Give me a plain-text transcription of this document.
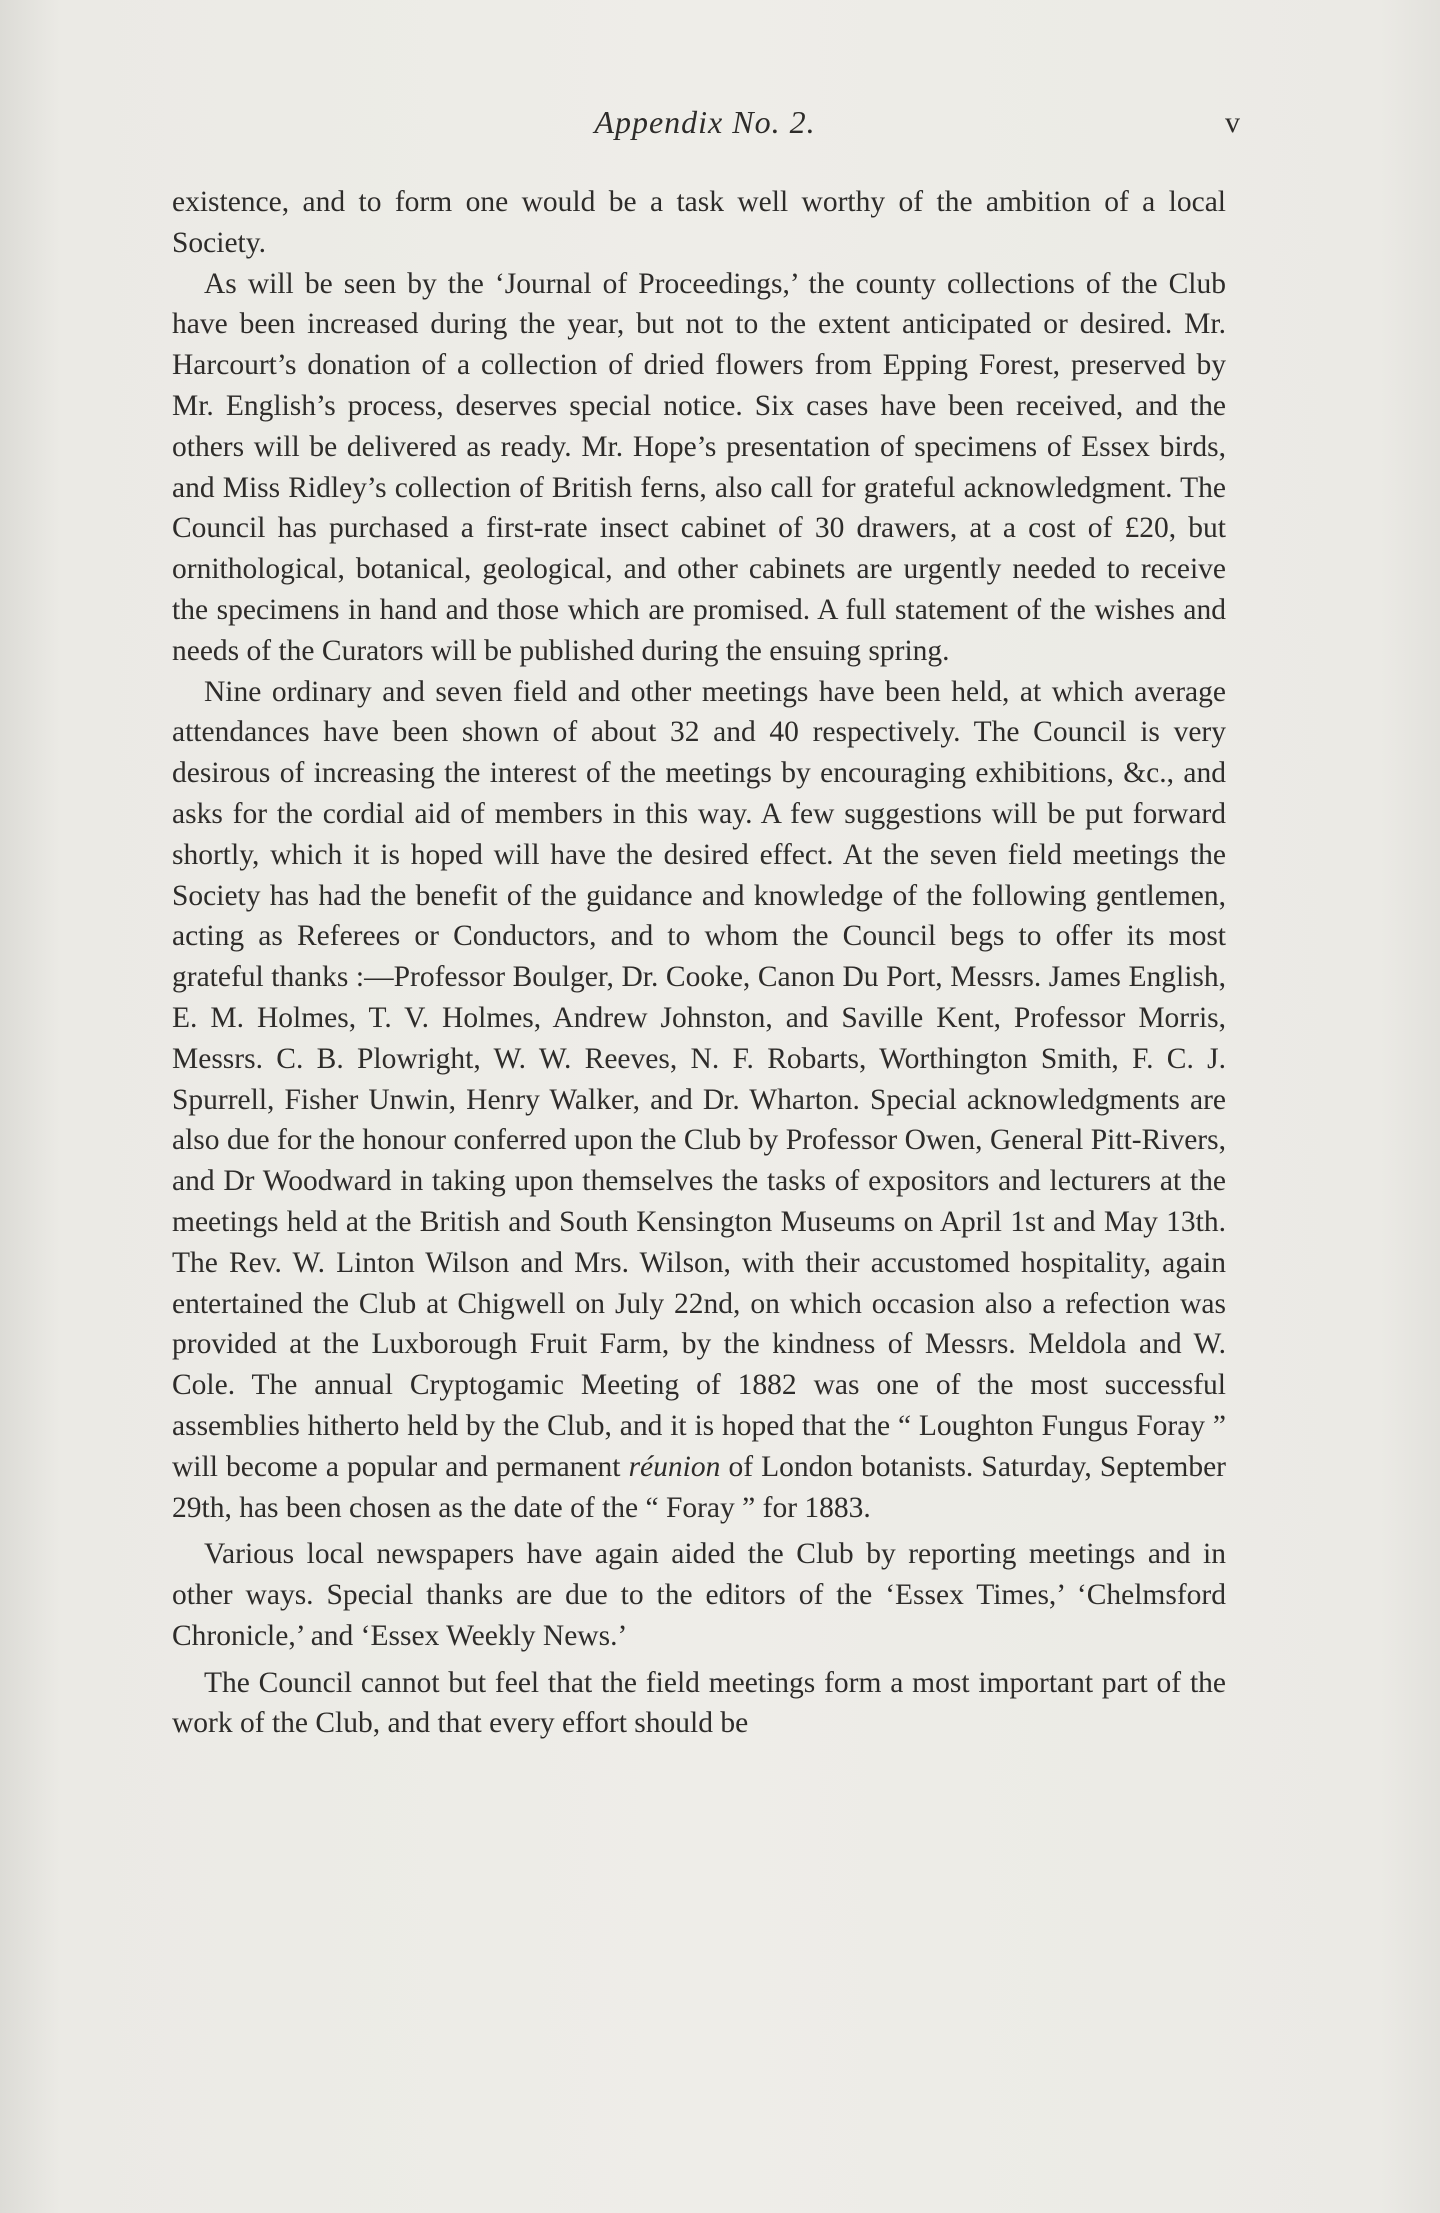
Appendix No. 2.	v

existence, and to form one would be a task well worthy of the ambition of a local Society.

As will be seen by the ‘Journal of Proceedings,’ the county collections of the Club have been increased during the year, but not to the extent anticipated or desired. Mr. Harcourt’s donation of a collection of dried flowers from Epping Forest, preserved by Mr. English’s process, deserves special notice. Six cases have been received, and the others will be delivered as ready. Mr. Hope’s presentation of specimens of Essex birds, and Miss Ridley’s collection of British ferns, also call for grateful acknowledgment. The Council has purchased a first-rate insect cabinet of 30 drawers, at a cost of £20, but ornithological, botanical, geological, and other cabinets are urgently needed to receive the specimens in hand and those which are promised. A full statement of the wishes and needs of the Curators will be published during the ensuing spring.

Nine ordinary and seven field and other meetings have been held, at which average attendances have been shown of about 32 and 40 respectively. The Council is very desirous of increasing the interest of the meetings by encouraging exhibitions, &c., and asks for the cordial aid of members in this way. A few suggestions will be put forward shortly, which it is hoped will have the desired effect. At the seven field meetings the Society has had the benefit of the guidance and knowledge of the following gentlemen, acting as Referees or Conductors, and to whom the Council begs to offer its most grateful thanks :—Professor Boulger, Dr. Cooke, Canon Du Port, Messrs. James English, E. M. Holmes, T. V. Holmes, Andrew Johnston, and Saville Kent, Professor Morris, Messrs. C. B. Plowright, W. W. Reeves, N. F. Robarts, Worthington Smith, F. C. J. Spurrell, Fisher Unwin, Henry Walker, and Dr. Wharton. Special acknowledgments are also due for the honour conferred upon the Club by Professor Owen, General Pitt-Rivers, and Dr Woodward in taking upon themselves the tasks of expositors and lecturers at the meetings held at the British and South Kensington Museums on April 1st and May 13th. The Rev. W. Linton Wilson and Mrs. Wilson, with their accustomed hospitality, again entertained the Club at Chigwell on July 22nd, on which occasion also a refection was provided at the Luxborough Fruit Farm, by the kindness of Messrs. Meldola and W. Cole. The annual Cryptogamic Meeting of 1882 was one of the most successful assemblies hitherto held by the Club, and it is hoped that the “ Loughton Fungus Foray ” will become a popular and permanent réunion of London botanists. Saturday, September 29th, has been chosen as the date of the “ Foray ” for 1883.

Various local newspapers have again aided the Club by reporting meetings and in other ways. Special thanks are due to the editors of the ‘Essex Times,’ ‘Chelmsford Chronicle,’ and ‘Essex Weekly News.’

The Council cannot but feel that the field meetings form a most important part of the work of the Club, and that every effort should be
